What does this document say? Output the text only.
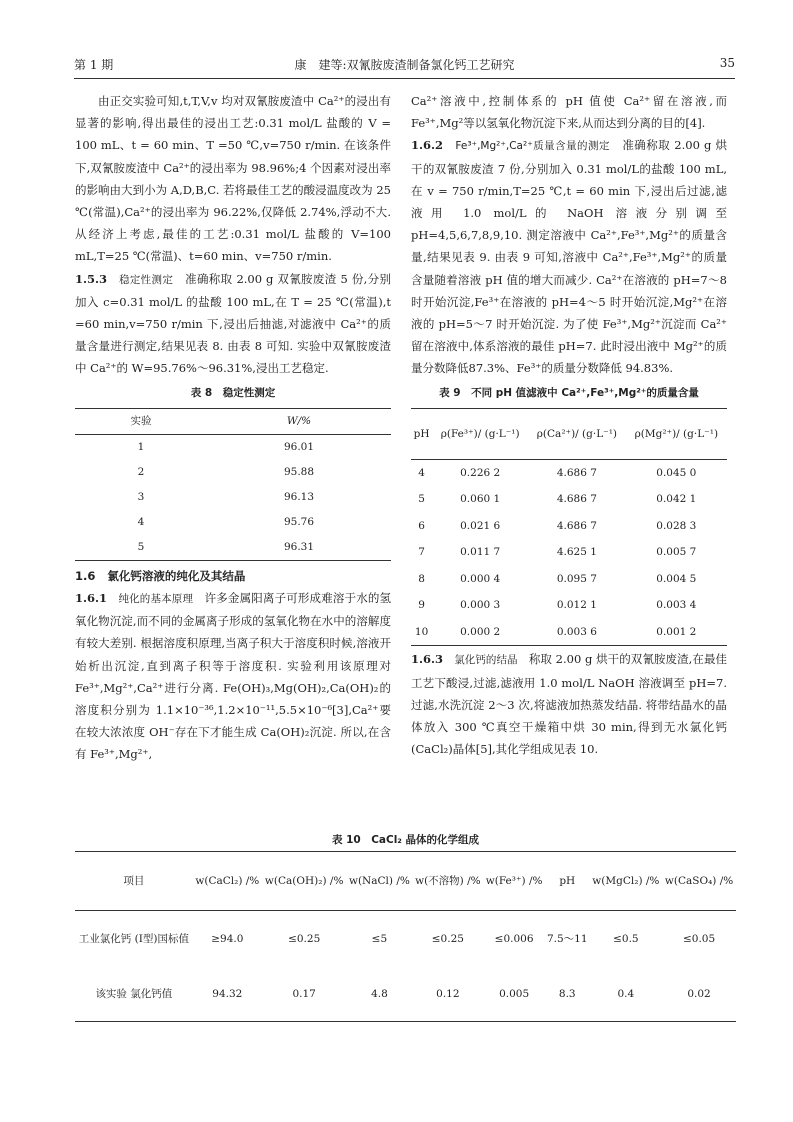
第 1 期	康　建等:双氰胺废渣制备氯化钙工艺研究	35

由正交实验可知,t,T,V,v 均对双氰胺废渣中 Ca²⁺的浸出有显著的影响,得出最佳的浸出工艺:0.31 mol/L 盐酸的 V = 100 mL、t = 60 min、T =50 ℃,v=750 r/min. 在该条件下,双氰胺废渣中 Ca²⁺的浸出率为 98.96%;4 个因素对浸出率的影响由大到小为 A,D,B,C. 若将最佳工艺的酸浸温度改为 25 ℃(常温),Ca²⁺的浸出率为 96.22%,仅降低 2.74%,浮动不大. 从经济上考虑,最佳的工艺:0.31 mol/L 盐酸的 V=100 mL,T=25 ℃(常温)、t=60 min、v=750 r/min.

1.5.3 稳定性测定 准确称取 2.00 g 双氰胺废渣 5 份,分别加入 c=0.31 mol/L 的盐酸 100 mL,在 T = 25 ℃(常温),t =60 min,v=750 r/min 下,浸出后抽滤,对滤液中 Ca²⁺的质量含量进行测定,结果见表 8. 由表 8 可知. 实验中双氰胺废渣中 Ca²⁺的 W=95.76%～96.31%,浸出工艺稳定.

表 8　稳定性测定
实验	W/%
1	96.01
2	95.88
3	96.13
4	95.76
5	96.31

1.6 氯化钙溶液的纯化及其结晶

1.6.1 纯化的基本原理 许多金属阳离子可形成难溶于水的氢氧化物沉淀,而不同的金属离子形成的氢氧化物在水中的溶解度有较大差别. 根据溶度积原理,当离子积大于溶度积时候,溶液开始析出沉淀,直到离子积等于溶度积. 实验利用该原理对 Fe³⁺,Mg²⁺,Ca²⁺进行分离. Fe(OH)₃,Mg(OH)₂,Ca(OH)₂的溶度积分别为 1.1×10⁻³⁶,1.2×10⁻¹¹,5.5×10⁻⁶[3],Ca²⁺要在较大浓浓度 OH⁻存在下才能生成 Ca(OH)₂沉淀. 所以,在含有 Fe³⁺,Mg²⁺,

Ca²⁺溶液中,控制体系的 pH 值使 Ca²⁺留在溶液,而 Fe³⁺,Mg²等以氢氧化物沉淀下来,从而达到分离的目的[4].

1.6.2 Fe³⁺,Mg²⁺,Ca²⁺质量含量的测定 准确称取 2.00 g 烘干的双氰胺废渣 7 份,分别加入 0.31 mol/L的盐酸 100 mL,在 v = 750 r/min,T=25 ℃,t = 60 min 下,浸出后过滤,滤液用 1.0 mol/L的 NaOH 溶液分别调至 pH=4,5,6,7,8,9,10. 测定溶液中 Ca²⁺,Fe³⁺,Mg²⁺的质量含量,结果见表 9. 由表 9 可知,溶液中 Ca²⁺,Fe³⁺,Mg²⁺的质量含量随着溶液 pH 值的增大而减少. Ca²⁺在溶液的 pH=7～8 时开始沉淀,Fe³⁺在溶液的 pH=4～5 时开始沉淀,Mg²⁺在溶液的 pH=5～7 时开始沉淀. 为了使 Fe³⁺,Mg²⁺沉淀而 Ca²⁺留在溶液中,体系溶液的最佳 pH=7. 此时浸出液中 Mg²⁺的质量分数降低87.3%、Fe³⁺的质量分数降低 94.83%.

表 9　不同 pH 值滤液中 Ca²⁺,Fe³⁺,Mg²⁺的质量含量
pH	ρ(Fe³⁺)/ (g·L⁻¹)	ρ(Ca²⁺)/ (g·L⁻¹)	ρ(Mg²⁺)/ (g·L⁻¹)
4	0.226 2	4.686 7	0.045 0
5	0.060 1	4.686 7	0.042 1
6	0.021 6	4.686 7	0.028 3
7	0.011 7	4.625 1	0.005 7
8	0.000 4	0.095 7	0.004 5
9	0.000 3	0.012 1	0.003 4
10	0.000 2	0.003 6	0.001 2

1.6.3 氯化钙的结晶 称取 2.00 g 烘干的双氰胺废渣,在最佳工艺下酸浸,过滤,滤液用 1.0 mol/L NaOH 溶液调至 pH=7. 过滤,水洗沉淀 2～3 次,将滤液加热蒸发结晶. 将带结晶水的晶体放入 300 ℃真空干燥箱中烘 30 min,得到无水氯化钙(CaCl₂)晶体[5],其化学组成见表 10.

表 10　CaCl₂ 晶体的化学组成
项目	w(CaCl₂) /%	w(Ca(OH)₂) /%	w(NaCl) /%	w(不溶物) /%	w(Fe³⁺) /%	pH	w(MgCl₂) /%	w(CaSO₄) /%
工业氯化钙 (Ⅰ型)国标值	≥94.0	≤0.25	≤5	≤0.25	≤0.006	7.5～11	≤0.5	≤0.05
该实验 氯化钙值	94.32	0.17	4.8	0.12	0.005	8.3	0.4	0.02
